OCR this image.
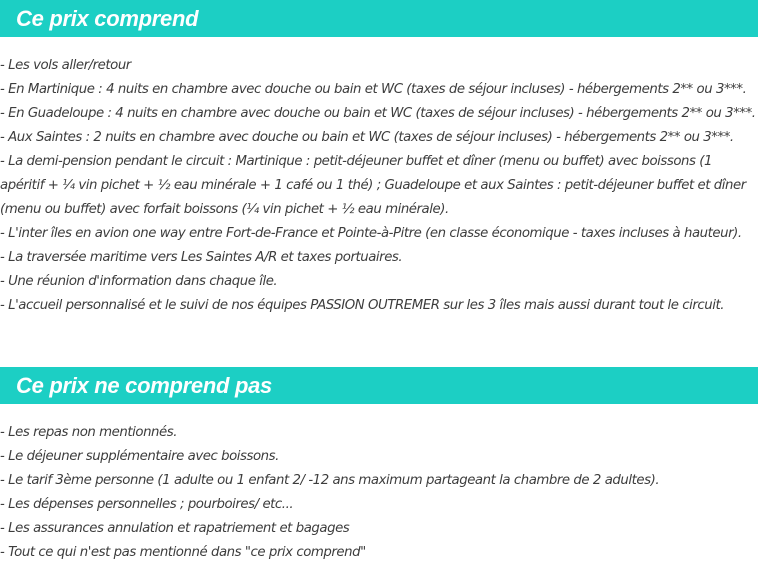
Ce prix comprend
- Les vols aller/retour
- En Martinique : 4 nuits en chambre avec douche ou bain et WC (taxes de séjour incluses) - hébergements 2** ou 3***.
- En Guadeloupe : 4 nuits en chambre avec douche ou bain et WC (taxes de séjour incluses) - hébergements 2** ou 3***.
- Aux Saintes : 2 nuits en chambre avec douche ou bain et WC (taxes de séjour incluses) - hébergements 2** ou 3***.
- La demi-pension pendant le circuit : Martinique : petit-déjeuner buffet et dîner (menu ou buffet) avec boissons (1 apéritif + ¼ vin pichet + ½ eau minérale + 1 café ou 1 thé) ; Guadeloupe et aux Saintes : petit-déjeuner buffet et dîner (menu ou buffet) avec forfait boissons (¼ vin pichet + ½ eau minérale).
- L'inter îles en avion one way entre Fort-de-France et Pointe-à-Pitre (en classe économique - taxes incluses à hauteur).
- La traversée maritime vers Les Saintes A/R et taxes portuaires.
- Une réunion d'information dans chaque île.
- L'accueil personnalisé et le suivi de nos équipes PASSION OUTREMER sur les 3 îles mais aussi durant tout le circuit.
Ce prix ne comprend pas
- Les repas non mentionnés.
- Le déjeuner supplémentaire avec boissons.
- Le tarif 3ème personne (1 adulte ou 1 enfant 2/ -12 ans maximum partageant la chambre de 2 adultes).
- Les dépenses personnelles ; pourboires/ etc...
- Les assurances annulation et rapatriement et bagages
- Tout ce qui n'est pas mentionné dans "ce prix comprend"
